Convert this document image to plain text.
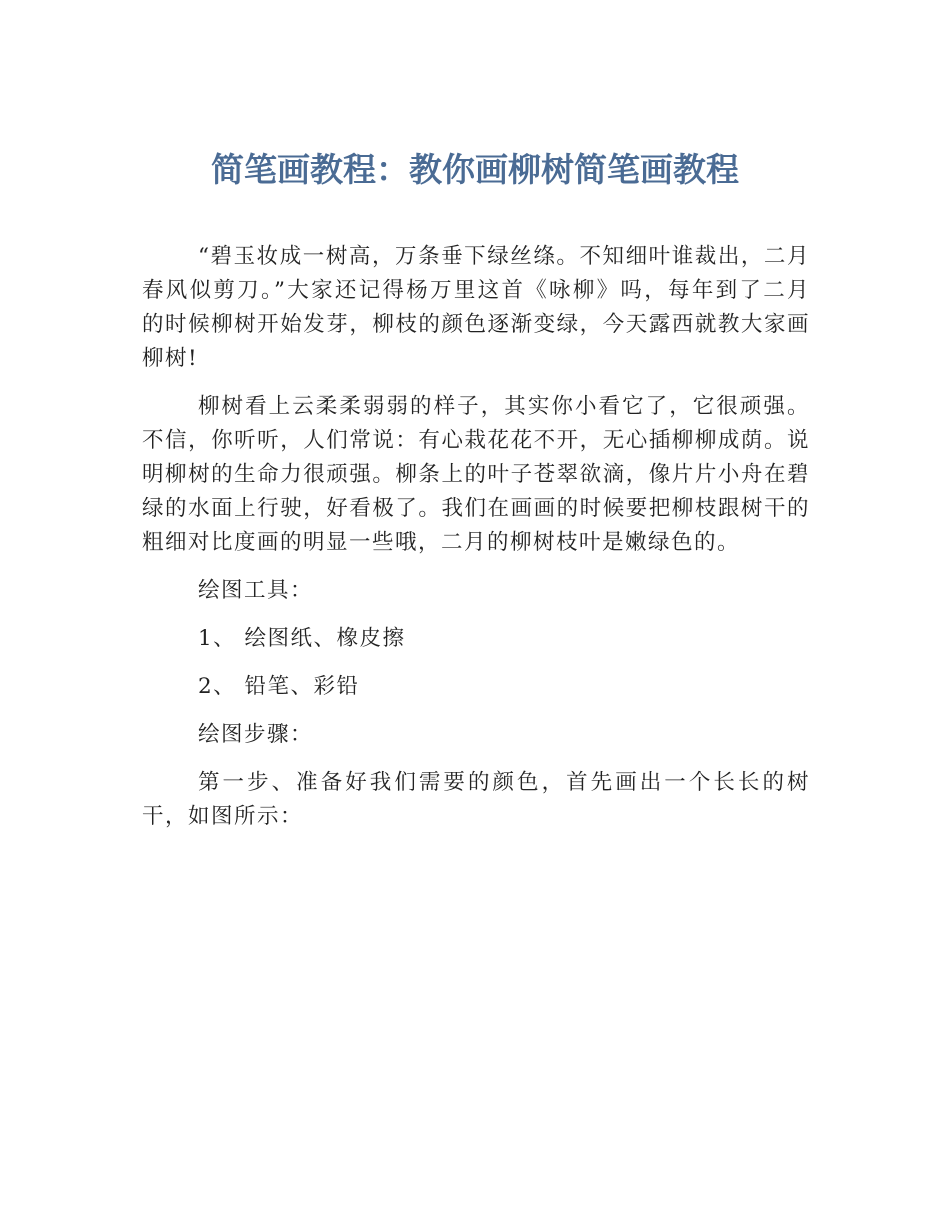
简笔画教程：教你画柳树简笔画教程

“碧玉妆成一树高，万条垂下绿丝绦。不知细叶谁裁出，二月春风似剪刀。”大家还记得杨万里这首《咏柳》吗，每年到了二月的时候柳树开始发芽，柳枝的颜色逐渐变绿，今天露西就教大家画柳树!

柳树看上云柔柔弱弱的样子，其实你小看它了，它很顽强。不信，你听听，人们常说：有心栽花花不开，无心插柳柳成荫。说明柳树的生命力很顽强。柳条上的叶子苍翠欲滴，像片片小舟在碧绿的水面上行驶，好看极了。我们在画画的时候要把柳枝跟树干的粗细对比度画的明显一些哦，二月的柳树枝叶是嫩绿色的。

绘图工具：

1、 绘图纸、橡皮擦

2、 铅笔、彩铅

绘图步骤：

第一步、准备好我们需要的颜色，首先画出一个长长的树干，如图所示：
